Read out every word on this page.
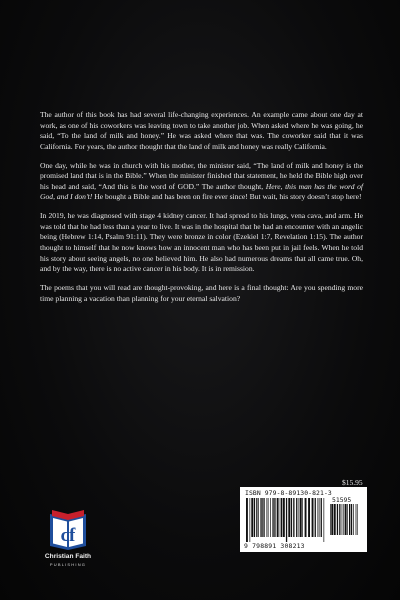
The author of this book has had several life-changing experiences. An example came about one day at work, as one of his coworkers was leaving town to take another job. When asked where he was going, he said, “To the land of milk and honey.” He was asked where that was. The coworker said that it was California. For years, the author thought that the land of milk and honey was really California.

One day, while he was in church with his mother, the minister said, “The land of milk and honey is the promised land that is in the Bible.” When the minister finished that statement, he held the Bible high over his head and said, “And this is the word of GOD.” The author thought, Here, this man has the word of God, and I don’t! He bought a Bible and has been on fire ever since! But wait, his story doesn’t stop here!

In 2019, he was diagnosed with stage 4 kidney cancer. It had spread to his lungs, vena cava, and arm. He was told that he had less than a year to live. It was in the hospital that he had an encounter with an angelic being (Hebrew 1:14, Psalm 91:11). They were bronze in color (Ezekiel 1:7, Revelation 1:15). The author thought to himself that he now knows how an innocent man who has been put in jail feels. When he told his story about seeing angels, no one believed him. He also had numerous dreams that all came true. Oh, and by the way, there is no active cancer in his body. It is in remission.

The poems that you will read are thought-provoking, and here is a final thought: Are you spending more time planning a vacation than planning for your eternal salvation?

$15.95
ISBN 979-8-89130-821-3
51595
9 798891 308213
cf
Christian Faith
PUBLISHING
